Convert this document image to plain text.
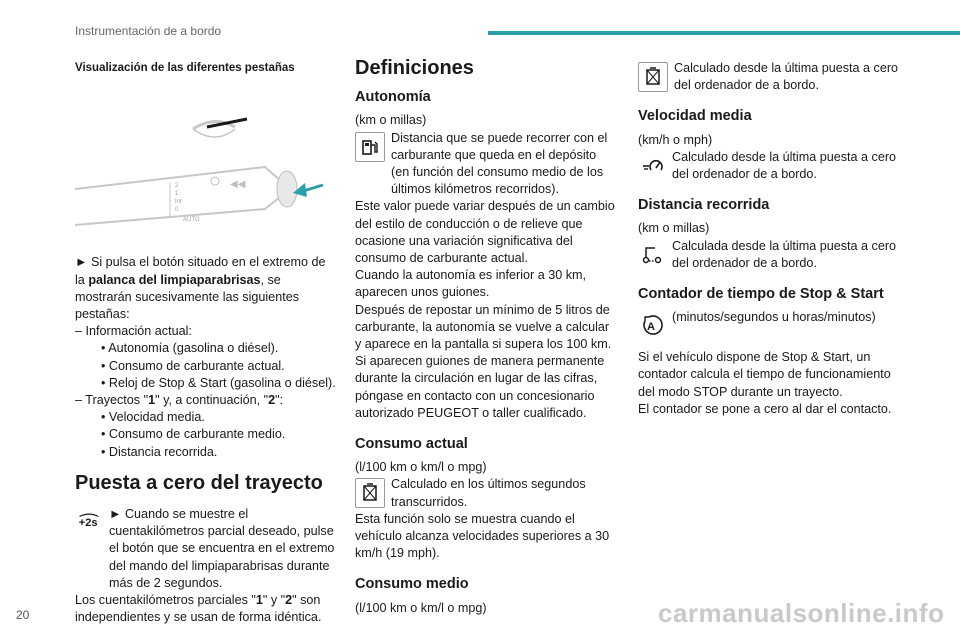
Instrumentación de a bordo

Visualización de las diferentes pestañas

2
1
Int
0
AUTO
◀◀

► Si pulsa el botón situado en el extremo de la palanca del limpiaparabrisas, se mostrarán sucesivamente las siguientes pestañas:

– Información actual:

• Autonomía (gasolina o diésel).

• Consumo de carburante actual.

• Reloj de Stop & Start (gasolina o diésel).

– Trayectos "1" y, a continuación, "2":

• Velocidad media.

• Consumo de carburante medio.

• Distancia recorrida.

Puesta a cero del trayecto

+2s

► Cuando se muestre el cuentakilómetros parcial deseado, pulse el botón que se encuentra en el extremo del mando del limpiaparabrisas durante más de 2 segundos.

Los cuentakilómetros parciales "1" y "2" son independientes y se usan de forma idéntica.

Definiciones

Autonomía

(km o millas)

Distancia que se puede recorrer con el carburante que queda en el depósito (en función del consumo medio de los últimos kilómetros recorridos).

Este valor puede variar después de un cambio del estilo de conducción o de relieve que ocasione una variación significativa del consumo de carburante actual.

Cuando la autonomía es inferior a 30 km, aparecen unos guiones.

Después de repostar un mínimo de 5 litros de carburante, la autonomía se vuelve a calcular y aparece en la pantalla si supera los 100 km.

Si aparecen guiones de manera permanente durante la circulación en lugar de las cifras, póngase en contacto con un concesionario autorizado PEUGEOT o taller cualificado.

Consumo actual

(l/100 km o km/l o mpg)

Calculado en los últimos segundos transcurridos.

Esta función solo se muestra cuando el vehículo alcanza velocidades superiores a 30 km/h (19 mph).

Consumo medio

(l/100 km o km/l o mpg)

Calculado desde la última puesta a cero del ordenador de a bordo.

Velocidad media

(km/h o mph)

Calculado desde la última puesta a cero del ordenador de a bordo.

Distancia recorrida

(km o millas)

Calculada desde la última puesta a cero del ordenador de a bordo.

Contador de tiempo de Stop & Start

A

(minutos/segundos u horas/minutos)

Si el vehículo dispone de Stop & Start, un contador calcula el tiempo de funcionamiento del modo STOP durante un trayecto.

El contador se pone a cero al dar el contacto.

20	carmanualsonline.info
